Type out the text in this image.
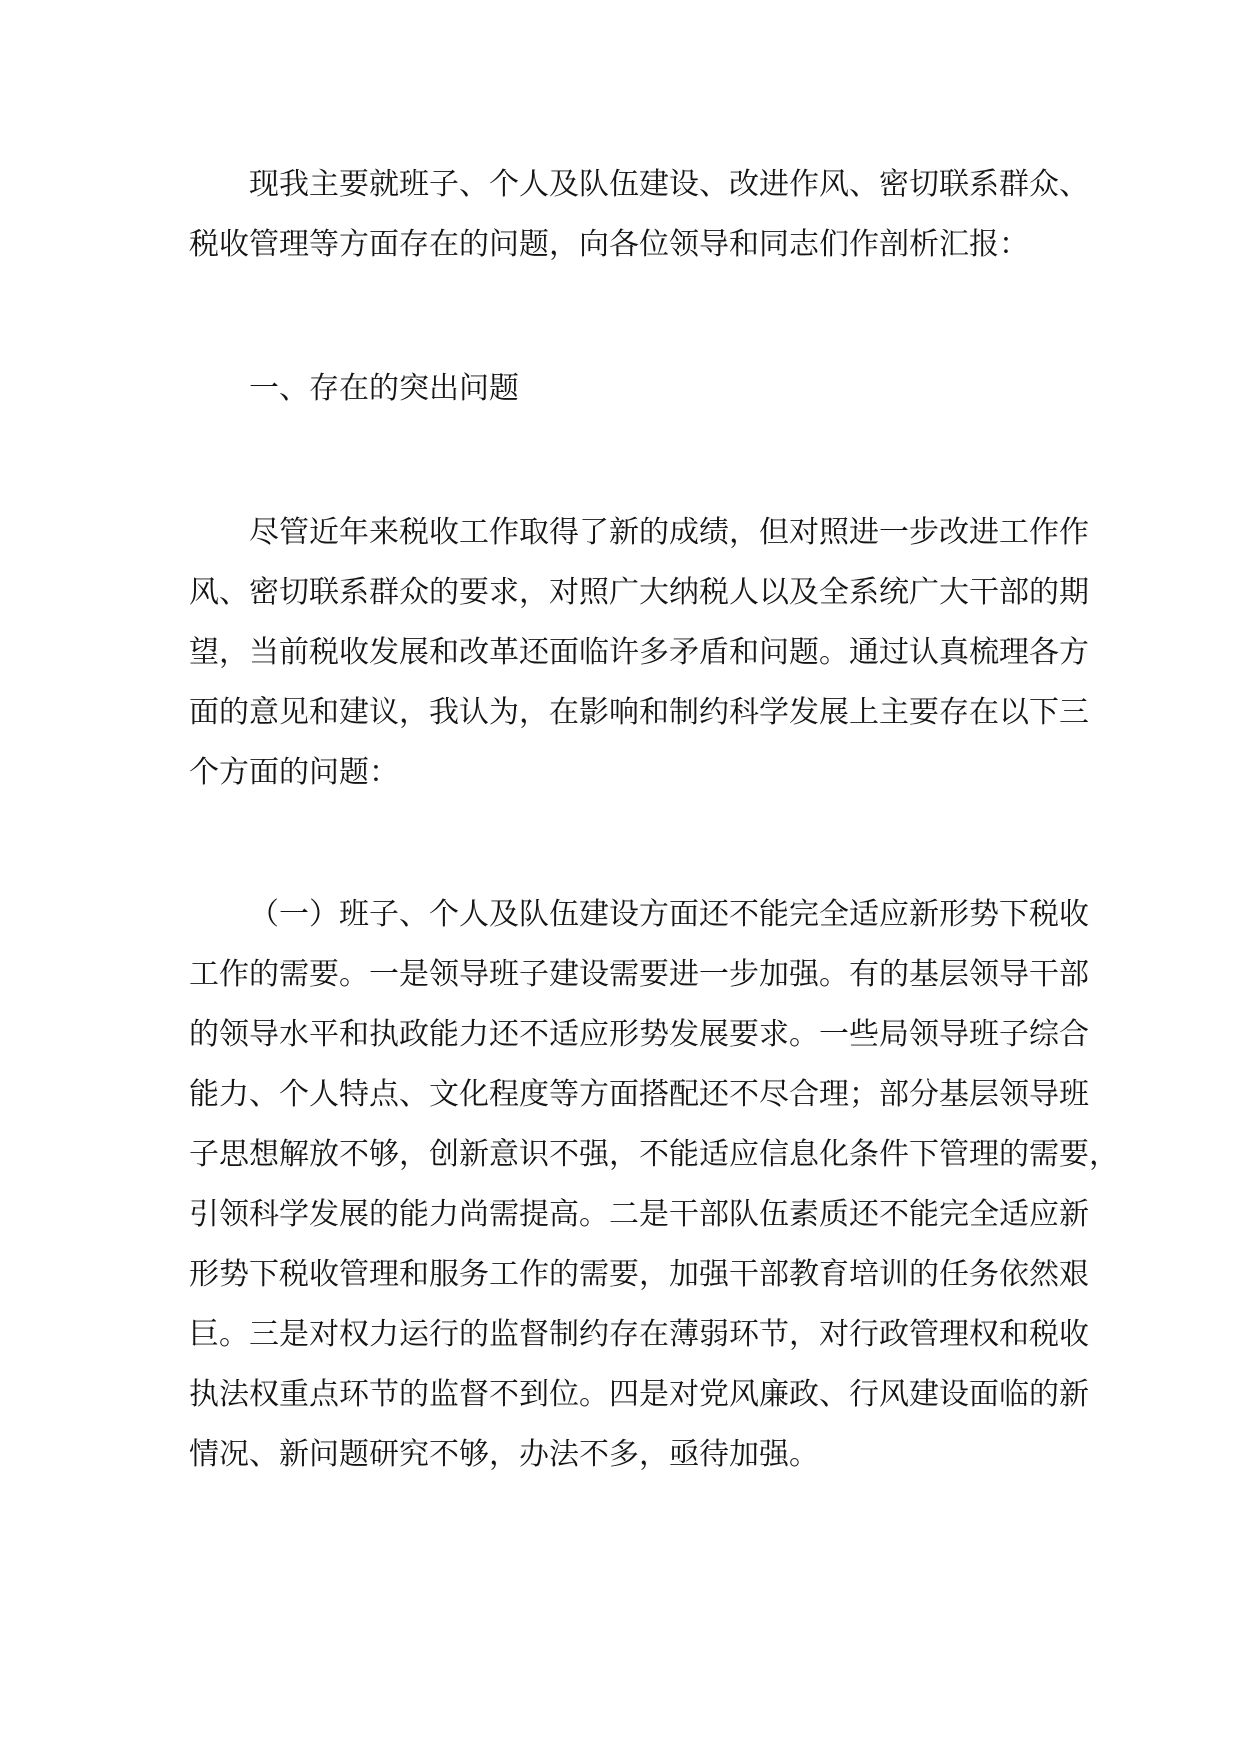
现我主要就班子、个人及队伍建设、改进作风、密切联系群众、
税收管理等方面存在的问题，向各位领导和同志们作剖析汇报：
一、存在的突出问题
尽管近年来税收工作取得了新的成绩，但对照进一步改进工作作
风、密切联系群众的要求，对照广大纳税人以及全系统广大干部的期
望，当前税收发展和改革还面临许多矛盾和问题。通过认真梳理各方
面的意见和建议，我认为，在影响和制约科学发展上主要存在以下三
个方面的问题：
（一）班子、个人及队伍建设方面还不能完全适应新形势下税收
工作的需要。一是领导班子建设需要进一步加强。有的基层领导干部
的领导水平和执政能力还不适应形势发展要求。一些局领导班子综合
能力、个人特点、文化程度等方面搭配还不尽合理；部分基层领导班
子思想解放不够，创新意识不强，不能适应信息化条件下管理的需要，
引领科学发展的能力尚需提高。二是干部队伍素质还不能完全适应新
形势下税收管理和服务工作的需要，加强干部教育培训的任务依然艰
巨。三是对权力运行的监督制约存在薄弱环节，对行政管理权和税收
执法权重点环节的监督不到位。四是对党风廉政、行风建设面临的新
情况、新问题研究不够，办法不多，亟待加强。
